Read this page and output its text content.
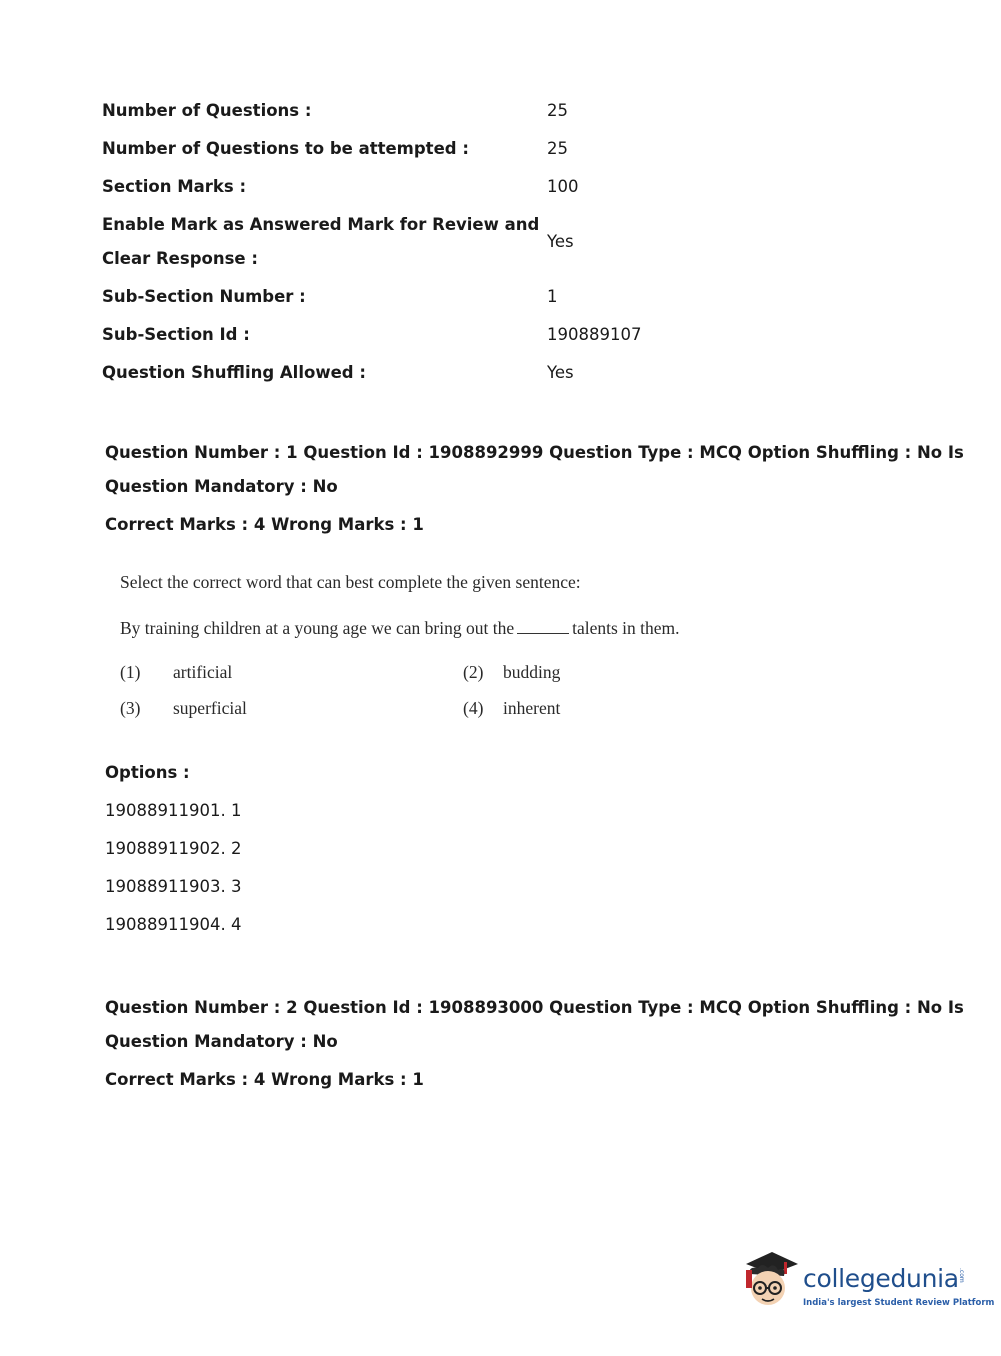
Number of Questions :	25
Number of Questions to be attempted :	25
Section Marks :	100
Enable Mark as Answered Mark for Review and
Clear Response :
Yes
Sub-Section Number :	1
Sub-Section Id :	190889107
Question Shuffling Allowed :	Yes
Question Number : 1 Question Id : 1908892999 Question Type : MCQ Option Shuffling : No Is
Question Mandatory : No
Correct Marks : 4 Wrong Marks : 1
Select the correct word that can best complete the given sentence:
By training children at a young age we can bring out the	talents in them.
(1) artificial	(2) budding
(3) superficial	(4) inherent
Options :
19088911901. 1
19088911902. 2
19088911903. 3
19088911904. 4
Question Number : 2 Question Id : 1908893000 Question Type : MCQ Option Shuffling : No Is
Question Mandatory : No
Correct Marks : 4 Wrong Marks : 1
collegedunia .com
India's largest Student Review Platform
